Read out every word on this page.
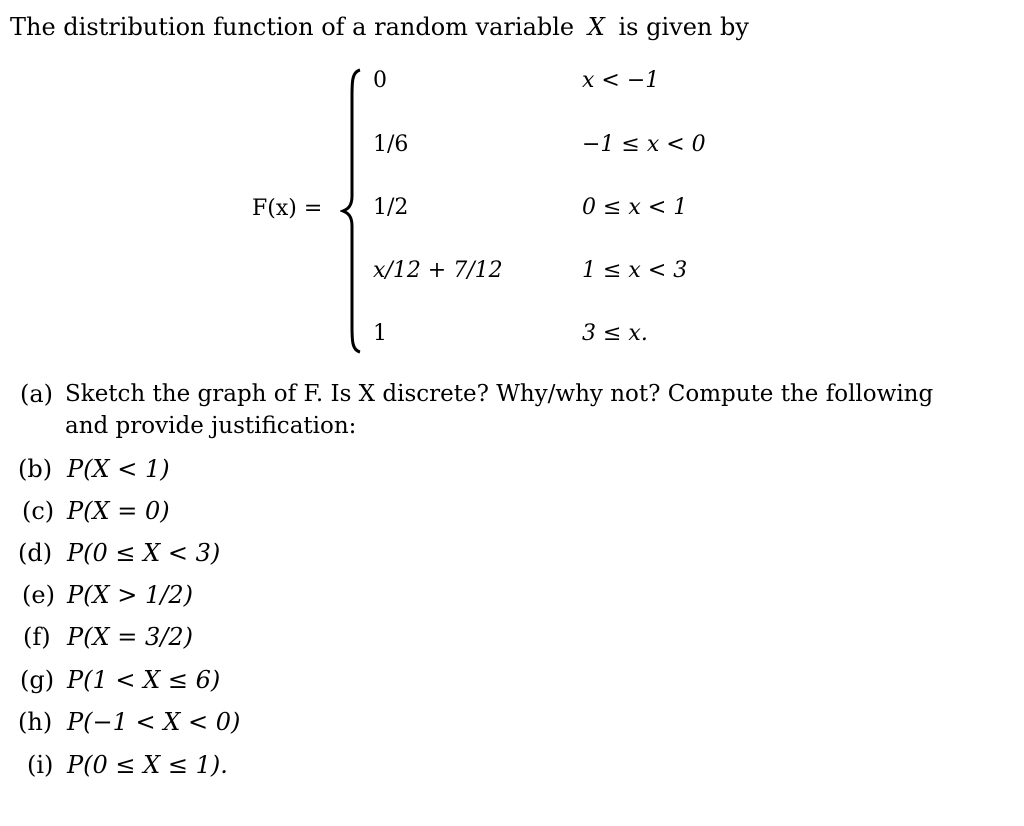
The distribution function of a random variable X is given by
F(x) =
0	x < −1
1/6	−1 ≤ x < 0
1/2	0 ≤ x < 1
x/12 + 7/12	1 ≤ x < 3
1	3 ≤ x.
(a) Sketch the graph of F. Is X discrete? Why/why not? Compute the following
and provide justification:
(b) P(X < 1)
(c) P(X = 0)
(d) P(0 ≤ X < 3)
(e) P(X > 1/2)
(f) P(X = 3/2)
(g) P(1 < X ≤ 6)
(h) P(−1 < X < 0)
(i) P(0 ≤ X ≤ 1).
